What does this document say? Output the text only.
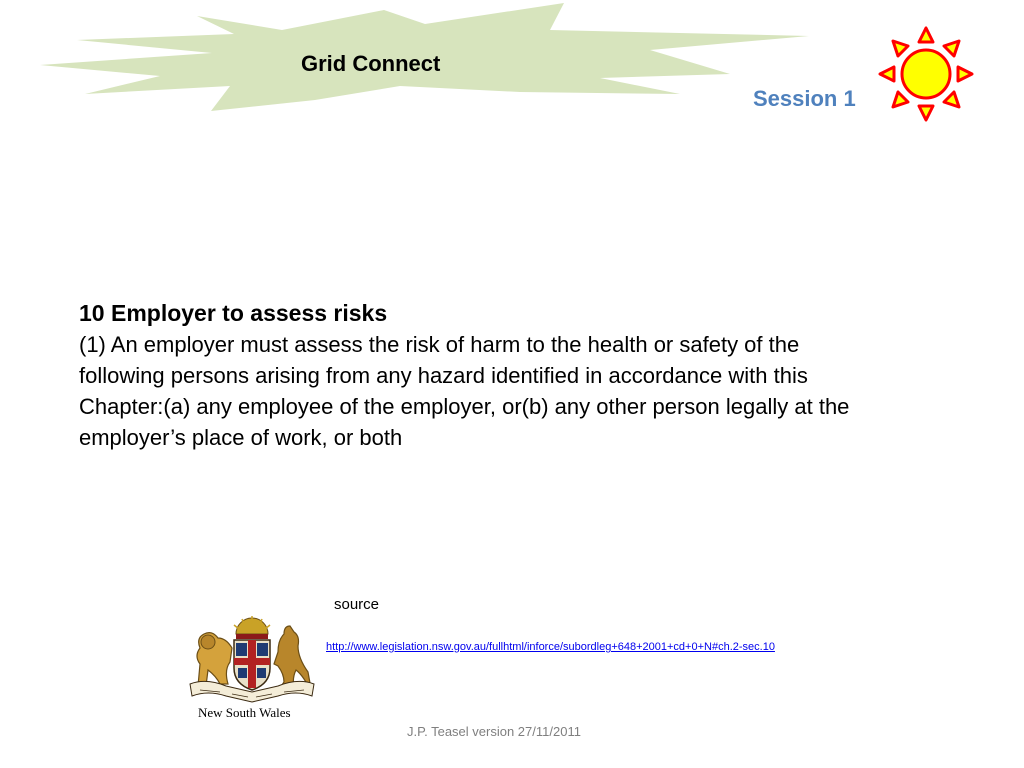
Grid Connect
Session 1

10 Employer to assess risks

(1) An employer must assess the risk of harm to the health or safety of the following persons arising from any hazard identified in accordance with this Chapter:(a) any employee of the employer, or(b) any other person legally at the employer’s place of work, or both

source
http://www.legislation.nsw.gov.au/fullhtml/inforce/subordleg+648+2001+cd+0+N#ch.2-sec.10
New South Wales
J.P. Teasel version 27/11/2011
